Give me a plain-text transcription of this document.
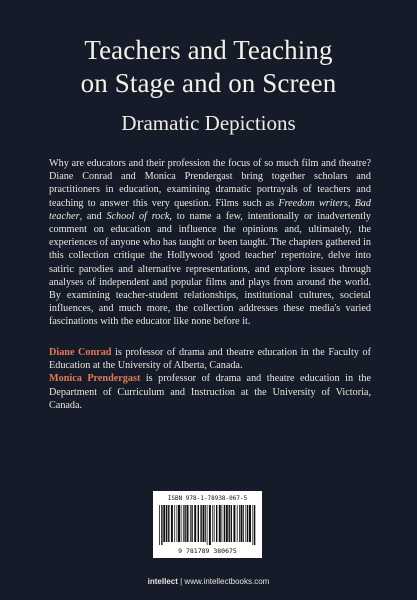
Teachers and Teaching
on Stage and on Screen
Dramatic Depictions

Why are educators and their profession the focus of so much film and theatre? Diane Conrad and Monica Prendergast bring together scholars and practitioners in education, examining dramatic portrayals of teachers and teaching to answer this very question. Films such as Freedom writers, Bad teacher, and School of rock, to name a few, intentionally or inadvertently comment on education and influence the opinions and, ultimately, the experiences of anyone who has taught or been taught. The chapters gathered in this collection critique the Hollywood 'good teacher' repertoire, delve into satiric parodies and alternative representations, and explore issues through analyses of independent and popular films and plays from around the world. By examining teacher-student relationships, institutional cultures, societal influences, and much more, the collection addresses these media's varied fascinations with the educator like none before it.

Diane Conrad is professor of drama and theatre education in the Faculty of Education at the University of Alberta, Canada.

Monica Prendergast is professor of drama and theatre education in the Department of Curriculum and Instruction at the University of Victoria, Canada.

ISBN 978-1-78938-067-5
9 781789 380675
intellect | www.intellectbooks.com
